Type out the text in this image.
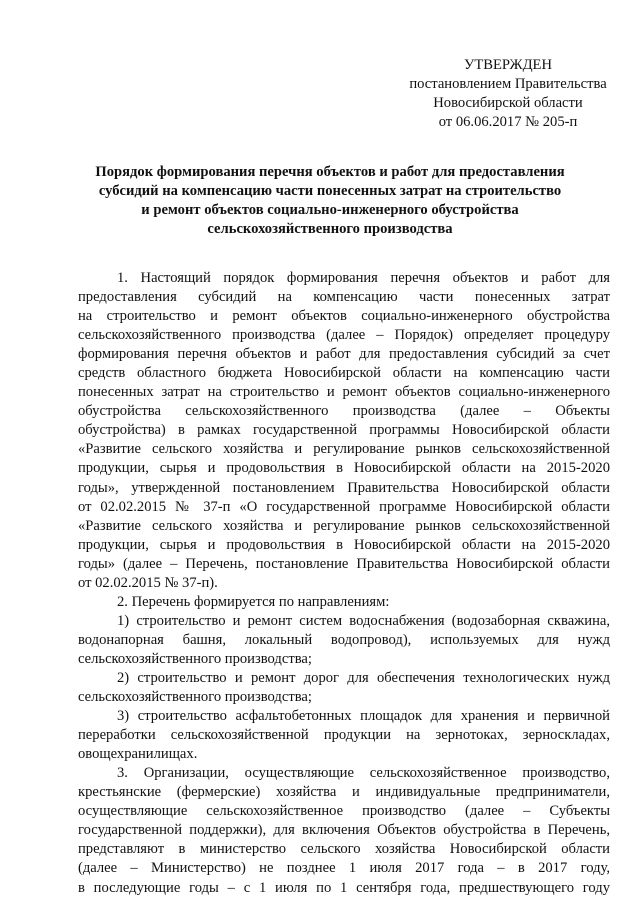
УТВЕРЖДЕН
постановлением Правительства
Новосибирской области
от 06.06.2017 № 205-п
Порядок формирования перечня объектов и работ для предоставления
субсидий на компенсацию части понесенных затрат на строительство
и ремонт объектов социально-инженерного обустройства
сельскохозяйственного производства
1. Настоящий порядок формирования перечня объектов и работ для
предоставления субсидий на компенсацию части понесенных затрат
на строительство и ремонт объектов социально-инженерного обустройства
сельскохозяйственного производства (далее – Порядок) определяет процедуру
формирования перечня объектов и работ для предоставления субсидий за счет
средств областного бюджета Новосибирской области на компенсацию части
понесенных затрат на строительство и ремонт объектов социально-инженерного
обустройства сельскохозяйственного производства (далее – Объекты
обустройства) в рамках государственной программы Новосибирской области
«Развитие сельского хозяйства и регулирование рынков сельскохозяйственной
продукции, сырья и продовольствия в Новосибирской области на 2015-2020
годы», утвержденной постановлением Правительства Новосибирской области
от 02.02.2015 № 37-п «О государственной программе Новосибирской области
«Развитие сельского хозяйства и регулирование рынков сельскохозяйственной
продукции, сырья и продовольствия в Новосибирской области на 2015-2020
годы» (далее – Перечень, постановление Правительства Новосибирской области
от 02.02.2015 № 37-п).
2. Перечень формируется по направлениям:
1) строительство и ремонт систем водоснабжения (водозаборная скважина,
водонапорная башня, локальный водопровод), используемых для нужд
сельскохозяйственного производства;
2) строительство и ремонт дорог для обеспечения технологических нужд
сельскохозяйственного производства;
3) строительство асфальтобетонных площадок для хранения и первичной
переработки сельскохозяйственной продукции на зернотоках, зерноскладах,
овощехранилищах.
3. Организации, осуществляющие сельскохозяйственное производство,
крестьянские (фермерские) хозяйства и индивидуальные предприниматели,
осуществляющие сельскохозяйственное производство (далее – Субъекты
государственной поддержки), для включения Объектов обустройства в Перечень,
представляют в министерство сельского хозяйства Новосибирской области
(далее – Министерство) не позднее 1 июля 2017 года – в 2017 году,
в последующие годы – с 1 июля по 1 сентября года, предшествующего году
